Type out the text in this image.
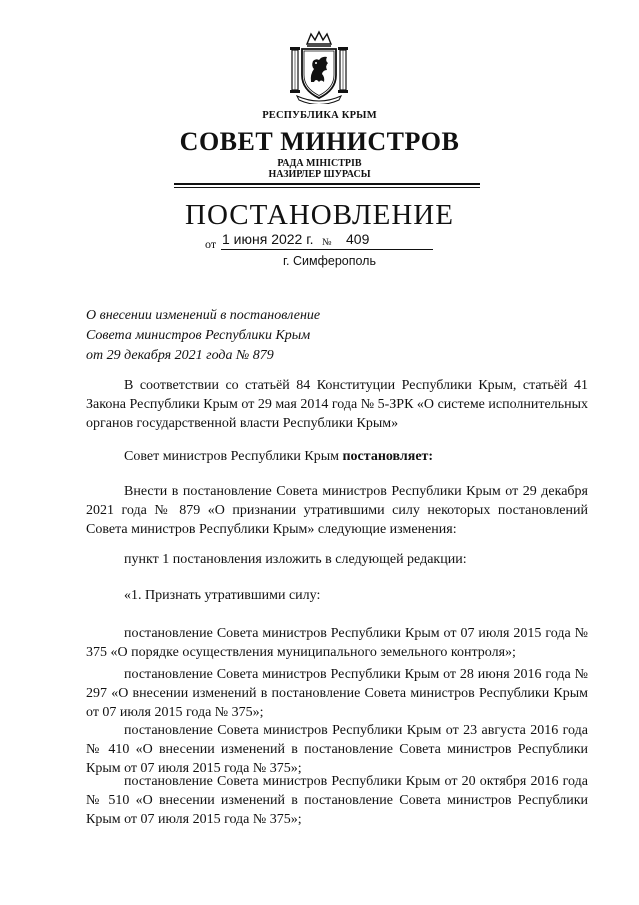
РЕСПУБЛИКА КРЫМ
СОВЕТ МИНИСТРОВ
РАДА МІНІСТРІВ
НАЗИРЛЕР ШУРАСЫ
ПОСТАНОВЛЕНИЕ
от 1 июня 2022 г. № 409
г. Симферополь
О внесении изменений в постановление
Совета министров Республики Крым
от 29 декабря 2021 года № 879

В соответствии со статьёй 84 Конституции Республики Крым, статьёй 41 Закона Республики Крым от 29 мая 2014 года № 5-ЗРК «О системе исполнительных органов государственной власти Республики Крым»

Совет министров Республики Крым постановляет:

Внести в постановление Совета министров Республики Крым от 29 декабря 2021 года № 879 «О признании утратившими силу некоторых постановлений Совета министров Республики Крым» следующие изменения:

пункт 1 постановления изложить в следующей редакции:

«1. Признать утратившими силу:

постановление Совета министров Республики Крым от 07 июля 2015 года № 375 «О порядке осуществления муниципального земельного контроля»;

постановление Совета министров Республики Крым от 28 июня 2016 года № 297 «О внесении изменений в постановление Совета министров Республики Крым от 07 июля 2015 года № 375»;

постановление Совета министров Республики Крым от 23 августа 2016 года № 410 «О внесении изменений в постановление Совета министров Республики Крым от 07 июля 2015 года № 375»;

постановление Совета министров Республики Крым от 20 октября 2016 года № 510 «О внесении изменений в постановление Совета министров Республики Крым от 07 июля 2015 года № 375»;
